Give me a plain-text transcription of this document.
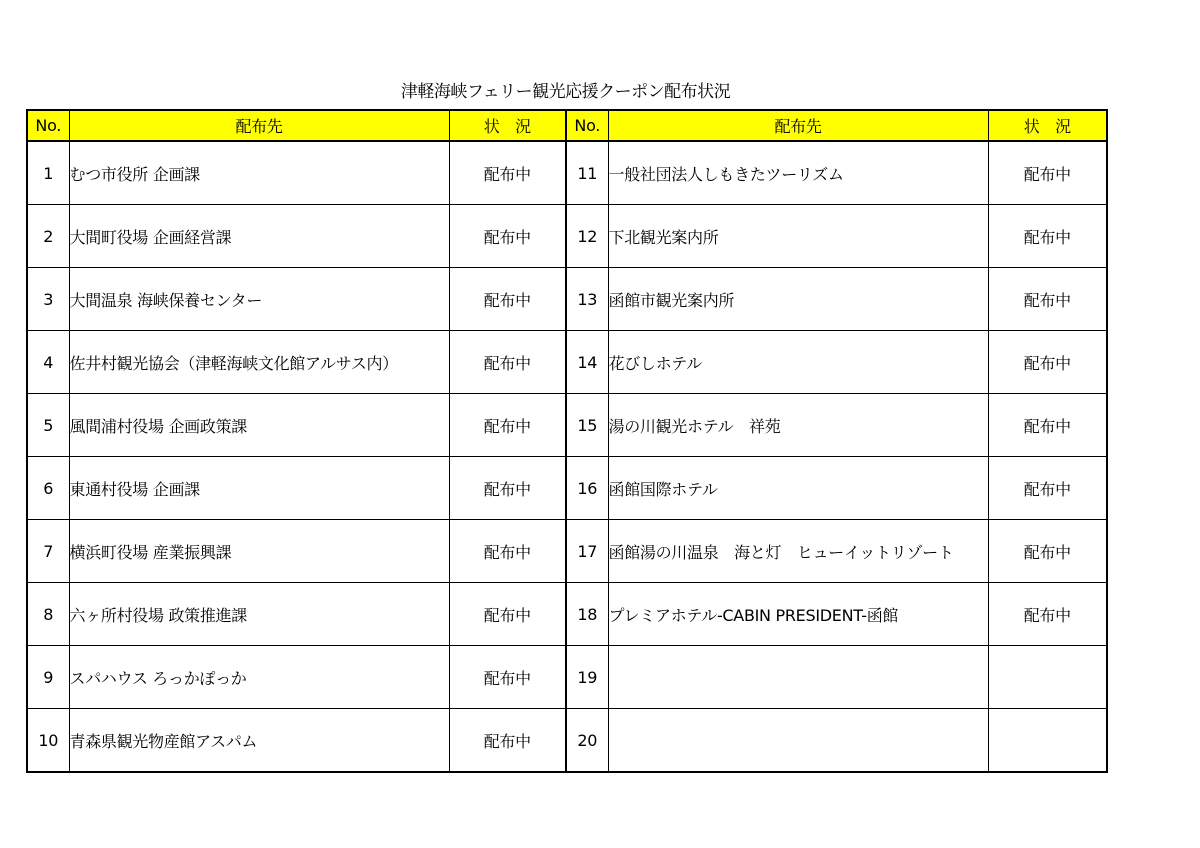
津軽海峡フェリー観光応援クーポン配布状況
No.	配布先	状　況	No.	配布先	状　況
1	むつ市役所 企画課	配布中	11	一般社団法人しもきたツーリズム	配布中
2	大間町役場 企画経営課	配布中	12	下北観光案内所	配布中
3	大間温泉 海峡保養センター	配布中	13	函館市観光案内所	配布中
4	佐井村観光協会（津軽海峡文化館アルサス内）	配布中	14	花びしホテル	配布中
5	風間浦村役場 企画政策課	配布中	15	湯の川観光ホテル　祥苑	配布中
6	東通村役場 企画課	配布中	16	函館国際ホテル	配布中
7	横浜町役場 産業振興課	配布中	17	函館湯の川温泉　海と灯　ヒューイットリゾート	配布中
8	六ヶ所村役場 政策推進課	配布中	18	プレミアホテル-CABIN PRESIDENT-函館	配布中
9	スパハウス ろっかぽっか	配布中	19		
10	青森県観光物産館アスパム	配布中	20		
